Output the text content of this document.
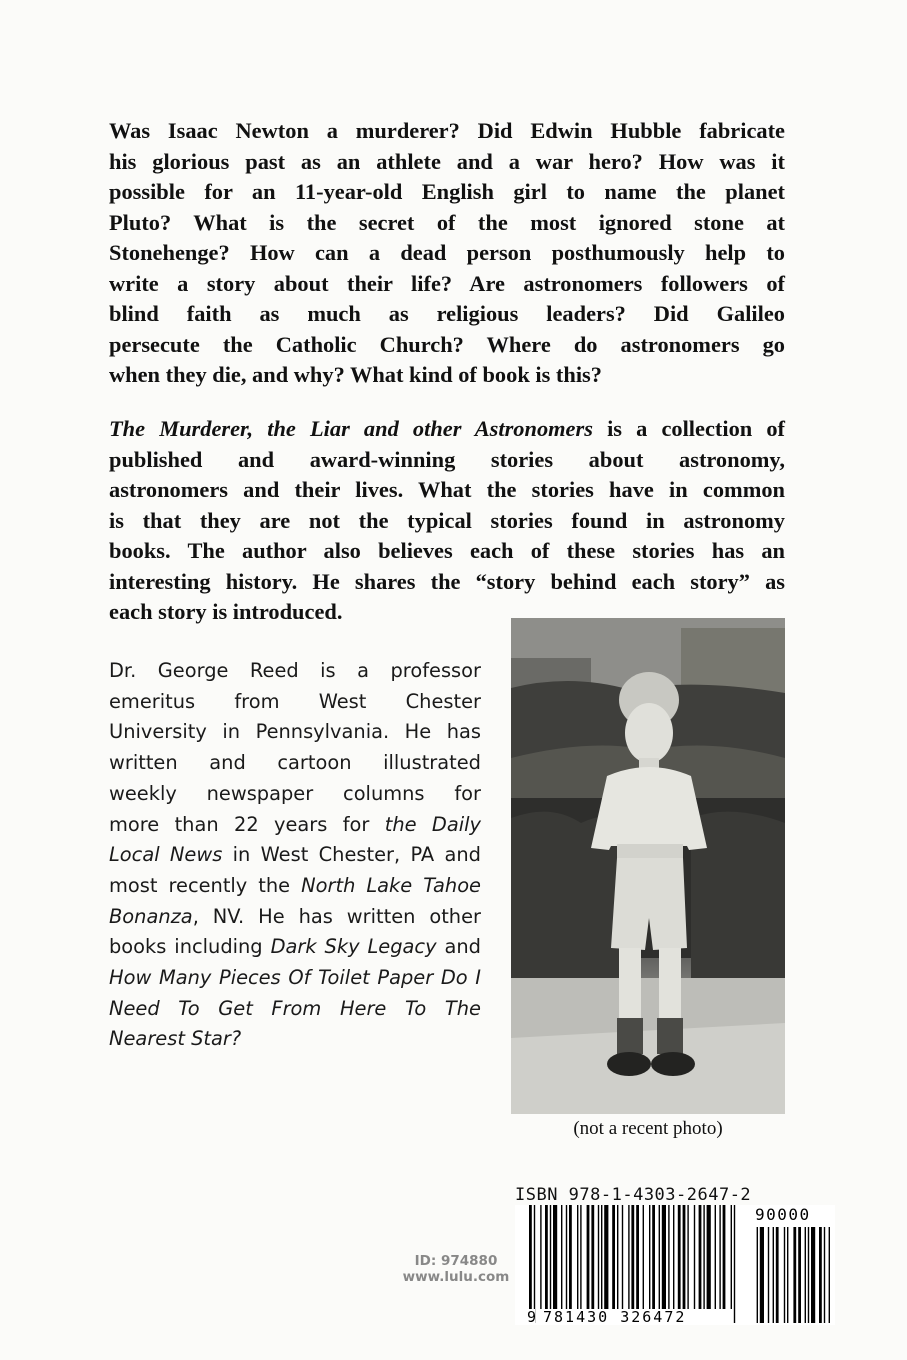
Was Isaac Newton a murderer? Did Edwin Hubble fabricate
his glorious past as an athlete and a war hero? How was it
possible for an 11-year-old English girl to name the planet
Pluto? What is the secret of the most ignored stone at
Stonehenge? How can a dead person posthumously help to
write a story about their life? Are astronomers followers of
blind faith as much as religious leaders? Did Galileo
persecute the Catholic Church? Where do astronomers go
when they die, and why? What kind of book is this?
The Murderer, the Liar and other Astronomers is a collection of
published and award-winning stories about astronomy,
astronomers and their lives. What the stories have in common
is that they are not the typical stories found in astronomy
books. The author also believes each of these stories has an
interesting history. He shares the “story behind each story” as
each story is introduced.
Dr. George Reed is a professor
emeritus from West Chester
University in Pennsylvania. He has
written and cartoon illustrated
weekly newspaper columns for
more than 22 years for the Daily
Local News in West Chester, PA and
most recently the North Lake Tahoe
Bonanza, NV. He has written other
books including Dark Sky Legacy and
How Many Pieces Of Toilet Paper Do I
Need To Get From Here To The
Nearest Star?
(not a recent photo)
ISBN 978-1-4303-2647-2
9 781430 326472
90000
ID: 974880
www.lulu.com
